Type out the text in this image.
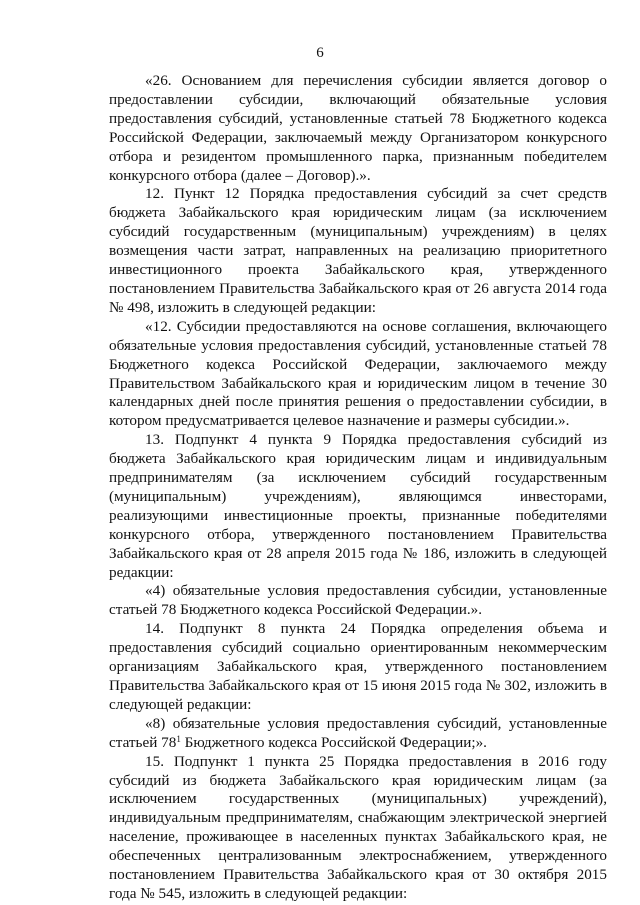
6

«26. Основанием для перечисления субсидии является договор о предоставлении субсидии, включающий обязательные условия предоставления субсидий, установленные статьей 78 Бюджетного кодекса Российской Федерации, заключаемый между Организатором конкурсного отбора и резидентом промышленного парка, признанным победителем конкурсного отбора (далее – Договор).».

12. Пункт 12 Порядка предоставления субсидий за счет средств бюджета Забайкальского края юридическим лицам (за исключением субсидий государственным (муниципальным) учреждениям) в целях возмещения части затрат, направленных на реализацию приоритетного инвестиционного проекта Забайкальского края, утвержденного постановлением Правительства Забайкальского края от 26 августа 2014 года № 498, изложить в следующей редакции:

«12. Субсидии предоставляются на основе соглашения, включающего обязательные условия предоставления субсидий, установленные статьей 78 Бюджетного кодекса Российской Федерации, заключаемого между Правительством Забайкальского края и юридическим лицом в течение 30 календарных дней после принятия решения о предоставлении субсидии, в котором предусматривается целевое назначение и размеры субсидии.».

13. Подпункт 4 пункта 9 Порядка предоставления субсидий из бюджета Забайкальского края юридическим лицам и индивидуальным предпринимателям (за исключением субсидий государственным (муниципальным) учреждениям), являющимся инвесторами, реализующими инвестиционные проекты, признанные победителями конкурсного отбора, утвержденного постановлением Правительства Забайкальского края от 28 апреля 2015 года № 186, изложить в следующей редакции:

«4) обязательные условия предоставления субсидии, установленные статьей 78 Бюджетного кодекса Российской Федерации.».

14. Подпункт 8 пункта 24 Порядка определения объема и предоставления субсидий социально ориентированным некоммерческим организациям Забайкальского края, утвержденного постановлением Правительства Забайкальского края от 15 июня 2015 года № 302, изложить в следующей редакции:

«8) обязательные условия предоставления субсидий, установленные статьей $78^1$ Бюджетного кодекса Российской Федерации;».

15. Подпункт 1 пункта 25 Порядка предоставления в 2016 году субсидий из бюджета Забайкальского края юридическим лицам (за исключением государственных (муниципальных) учреждений), индивидуальным предпринимателям, снабжающим электрической энергией население, проживающее в населенных пунктах Забайкальского края, не обеспеченных централизованным электроснабжением, утвержденного постановлением Правительства Забайкальского края от 30 октября 2015 года № 545, изложить в следующей редакции:
